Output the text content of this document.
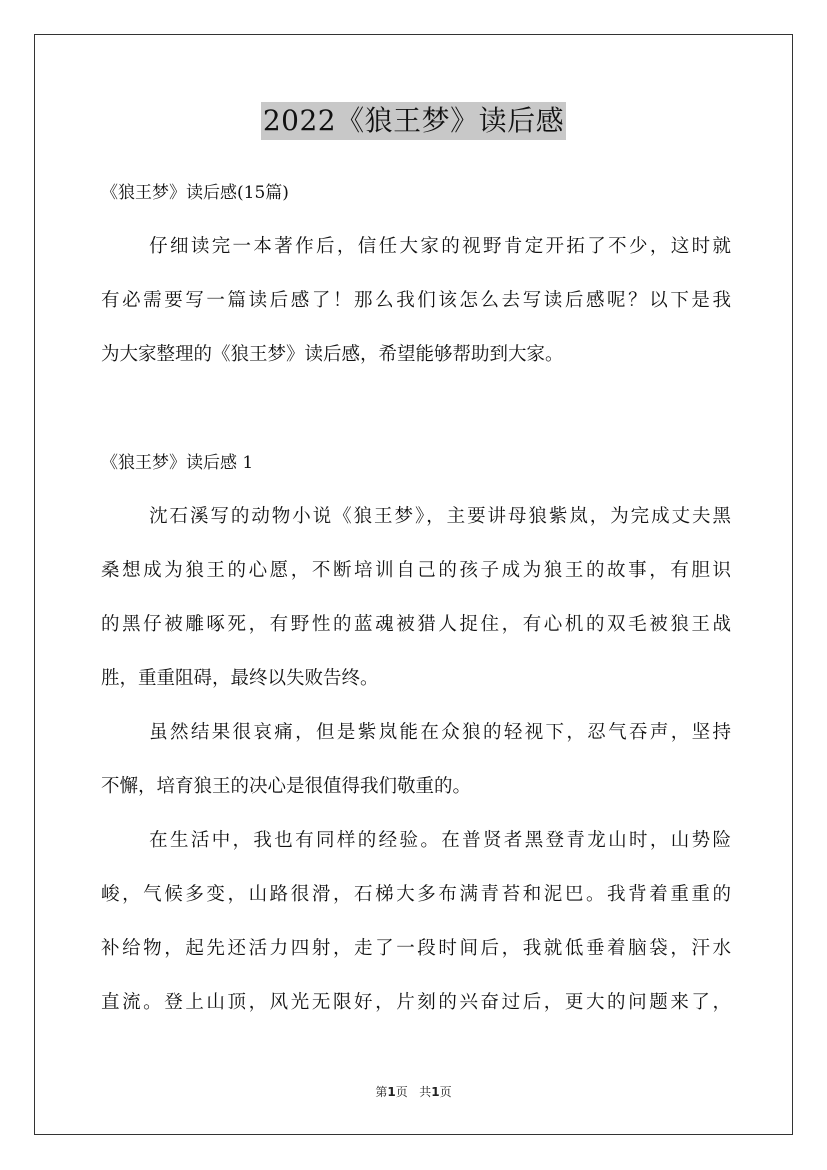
2022《狼王梦》读后感
《狼王梦》读后感(15篇)
仔细读完一本著作后，信任大家的视野肯定开拓了不少，这时就
有必需要写一篇读后感了！那么我们该怎么去写读后感呢？以下是我
为大家整理的《狼王梦》读后感，希望能够帮助到大家。
《狼王梦》读后感 1
沈石溪写的动物小说《狼王梦》，主要讲母狼紫岚，为完成丈夫黑
桑想成为狼王的心愿，不断培训自己的孩子成为狼王的故事，有胆识
的黑仔被雕啄死，有野性的蓝魂被猎人捉住，有心机的双毛被狼王战
胜，重重阻碍，最终以失败告终。
虽然结果很哀痛，但是紫岚能在众狼的轻视下，忍气吞声，坚持
不懈，培育狼王的决心是很值得我们敬重的。
在生活中，我也有同样的经验。在普贤者黑登青龙山时，山势险
峻，气候多变，山路很滑，石梯大多布满青苔和泥巴。我背着重重的
补给物，起先还活力四射，走了一段时间后，我就低垂着脑袋，汗水
直流。登上山顶，风光无限好，片刻的兴奋过后，更大的问题来了，
第1页 共1页
